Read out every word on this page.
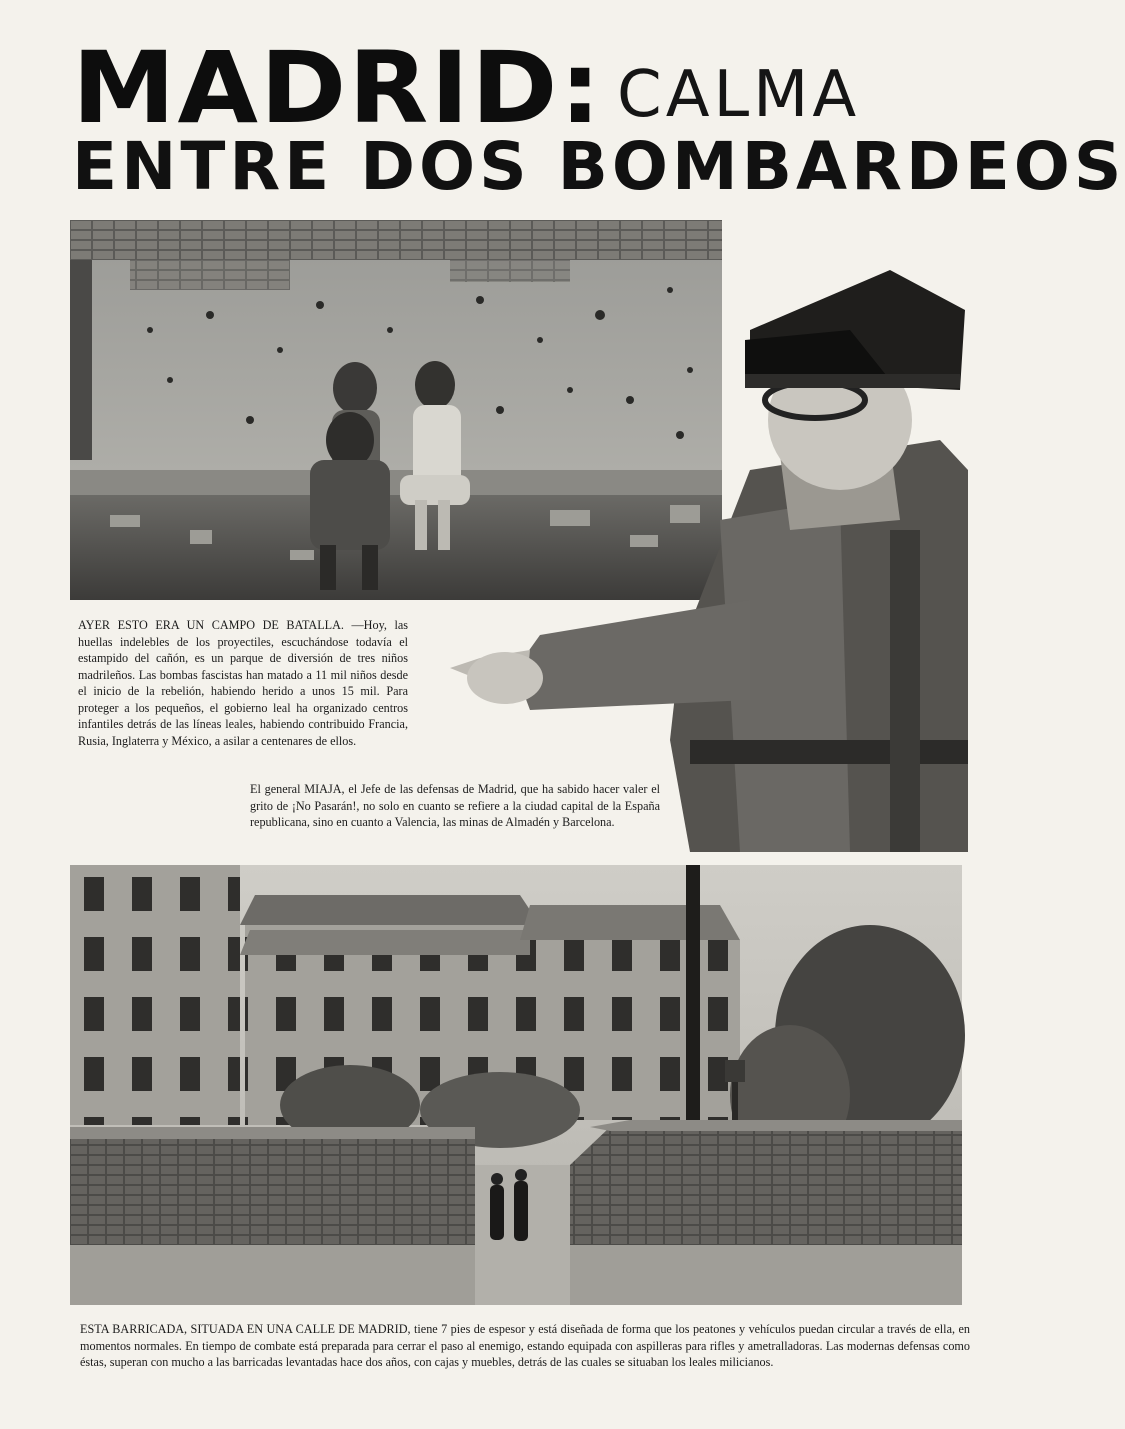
MADRID: CALMA
ENTRE DOS BOMBARDEOS
AYER ESTO ERA UN CAMPO DE BATALLA. —Hoy, las huellas indelebles de los proyectiles, escuchándose todavía el estampido del cañón, es un parque de diversión de tres niños madrileños. Las bombas fascistas han matado a 11 mil niños desde el inicio de la rebelión, habiendo herido a unos 15 mil. Para proteger a los pequeños, el gobierno leal ha organizado centros infantiles detrás de las líneas leales, habiendo contribuido Francia, Rusia, Inglaterra y México, a asilar a centenares de ellos.
El general MIAJA, el Jefe de las defensas de Madrid, que ha sabido hacer valer el grito de ¡No Pasarán!, no solo en cuanto se refiere a la ciudad capital de la España republicana, sino en cuanto a Valencia, las minas de Almadén y Barcelona.
ESTA BARRICADA, SITUADA EN UNA CALLE DE MADRID, tiene 7 pies de espesor y está diseñada de forma que los peatones y vehículos puedan circular a través de ella, en momentos normales. En tiempo de combate está preparada para cerrar el paso al enemigo, estando equipada con aspilleras para rifles y ametralladoras. Las modernas defensas como éstas, superan con mucho a las barricadas levantadas hace dos años, con cajas y muebles, detrás de las cuales se situaban los leales milicianos.
